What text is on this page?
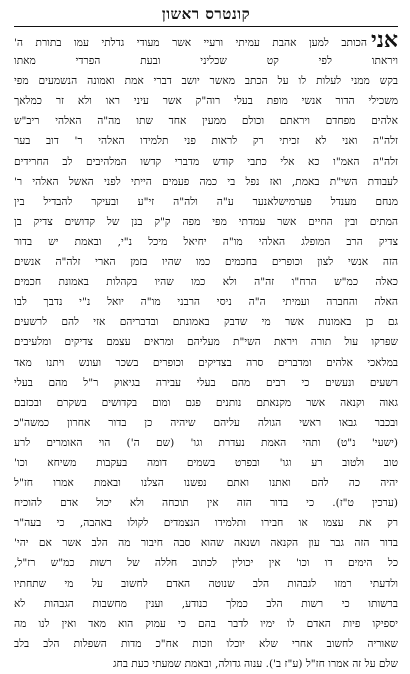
קונטרס ראשון
אניהכותב למען אהבת עמיתי ורעיי אשר מעודי גדלתי עמו בתורת ה'
ויראתו לפי קט שכליני ובעת הפרדי מאתו
בקש ממני לעלות לו על הכתב מאשר יושב דברי אמת ואמונה הנשמעים מפי
משכילי הדור אנשי מופת בעלי רוה"ק אשר עיני ראו ולא זר כמלאך
אלהים מפחדם ויראתם וכולם ממעין אחד שתו מה"ה האלהי ריב"ש
זלה"ה ואני לא זכיתי רק לראות פני תלמידו האלהי ר' דוב בער
זלה"ה האמ"ו כא אלי כתבי קודש מדברי קדשו המלהיבים לב החרידים
לעבודת השי"ת באמת, ואז נפל בי כמה פעמים הייתי לפני האשל האלהי ר'
מנחם מענדל פערמישלאנער ע"ה ולה"ה זי"ע ובעיקר להבדיל בין
המתים ובין החיים אשר עמדתי מפי מפה ק"ק בנן של קדושים צדיק בן
צדיק הרב המופלג האלהי מו"ה יחיאל מיכל נ"י, ובאמת יש בדור
הזה אנשי לצון וכופרים בחכמים כמו שהיו בזמן הארי זלה"ה אנשים
כאלה כמ"ש הרח"ו זה"ה ולא כמו שהיו בקהלות באמונת חכמים
האלה והחברה ועמיתי ה"ה ניסי הרבני מו"ה יואל נ"י נדבך לבו
גם כן באמונות אשר מי שדבק באמונתם ובדבריהם אזי להם לרשעים
שפרקו עול תורה ויראת השי"ת מעליהם ומראים עצמם צדיקים ומלעיבים
במלאכי אלהים ומדברים סרה בצדיקים וכופרים בשכר ועונש ויתנו מאד
רשעים ונעשים כי רבים מהם בעלי עבירה בגיאוק ר"ל מהם בעלי
גאוה וקנאה אשר מקנאתם נותנים פגם ומום בקדושים בשקרם ובכזבם
ובכבר גבאו ראשי הגולה עליהם שיהיה כן בדור אחרון כמשה"כ
(ישעי' נ"ט) ותהי האמת נעדרת וגו' (שם ה') הוי האומרים לרע
טוב ולטוב רע וגו' ובפרט בשמים דומה בעקבות משיחא וכו'
יהיה כה להם ואתנו ואתם נפשנו הצלנו ובאמת אמרו חז"ל
(ערכין ט"ז). כי בדור הזה אין תוכחה ולא יכול אדם להוכיח
רק את עצמו או חבירו ותלמידו הנצמדים לקולו באהבה, כי בעה"ר
בדור הזה גבר עון הקנאה ושנאה שהוא סבה חיבור מה הלב אשר אם יהי'
כל הימים דו וכו' אין יכולין לכתוב חללה של רשות כמ"ש רז"ל,
ולדעתי רמזו לגבהות הלב שנוטה האדם לחשוב על מי שתחתיו
ברשותו כי רשות הלב כמלך כנודע, וענין מחשבות הגבהות לא
יספיקו פיות האדם לו ימיו לדבר בהם כי עמוק הוא מאד ואין לנו מה
שאוריה לחשוב אחרי שלא יוכלו וזכות אח"כ מדות השפלות הלב בלב
שלם על זה אמרו חז"ל (ע"ז ב'). ענוה גדולה, ובאמת שמעתי כעת בחג
